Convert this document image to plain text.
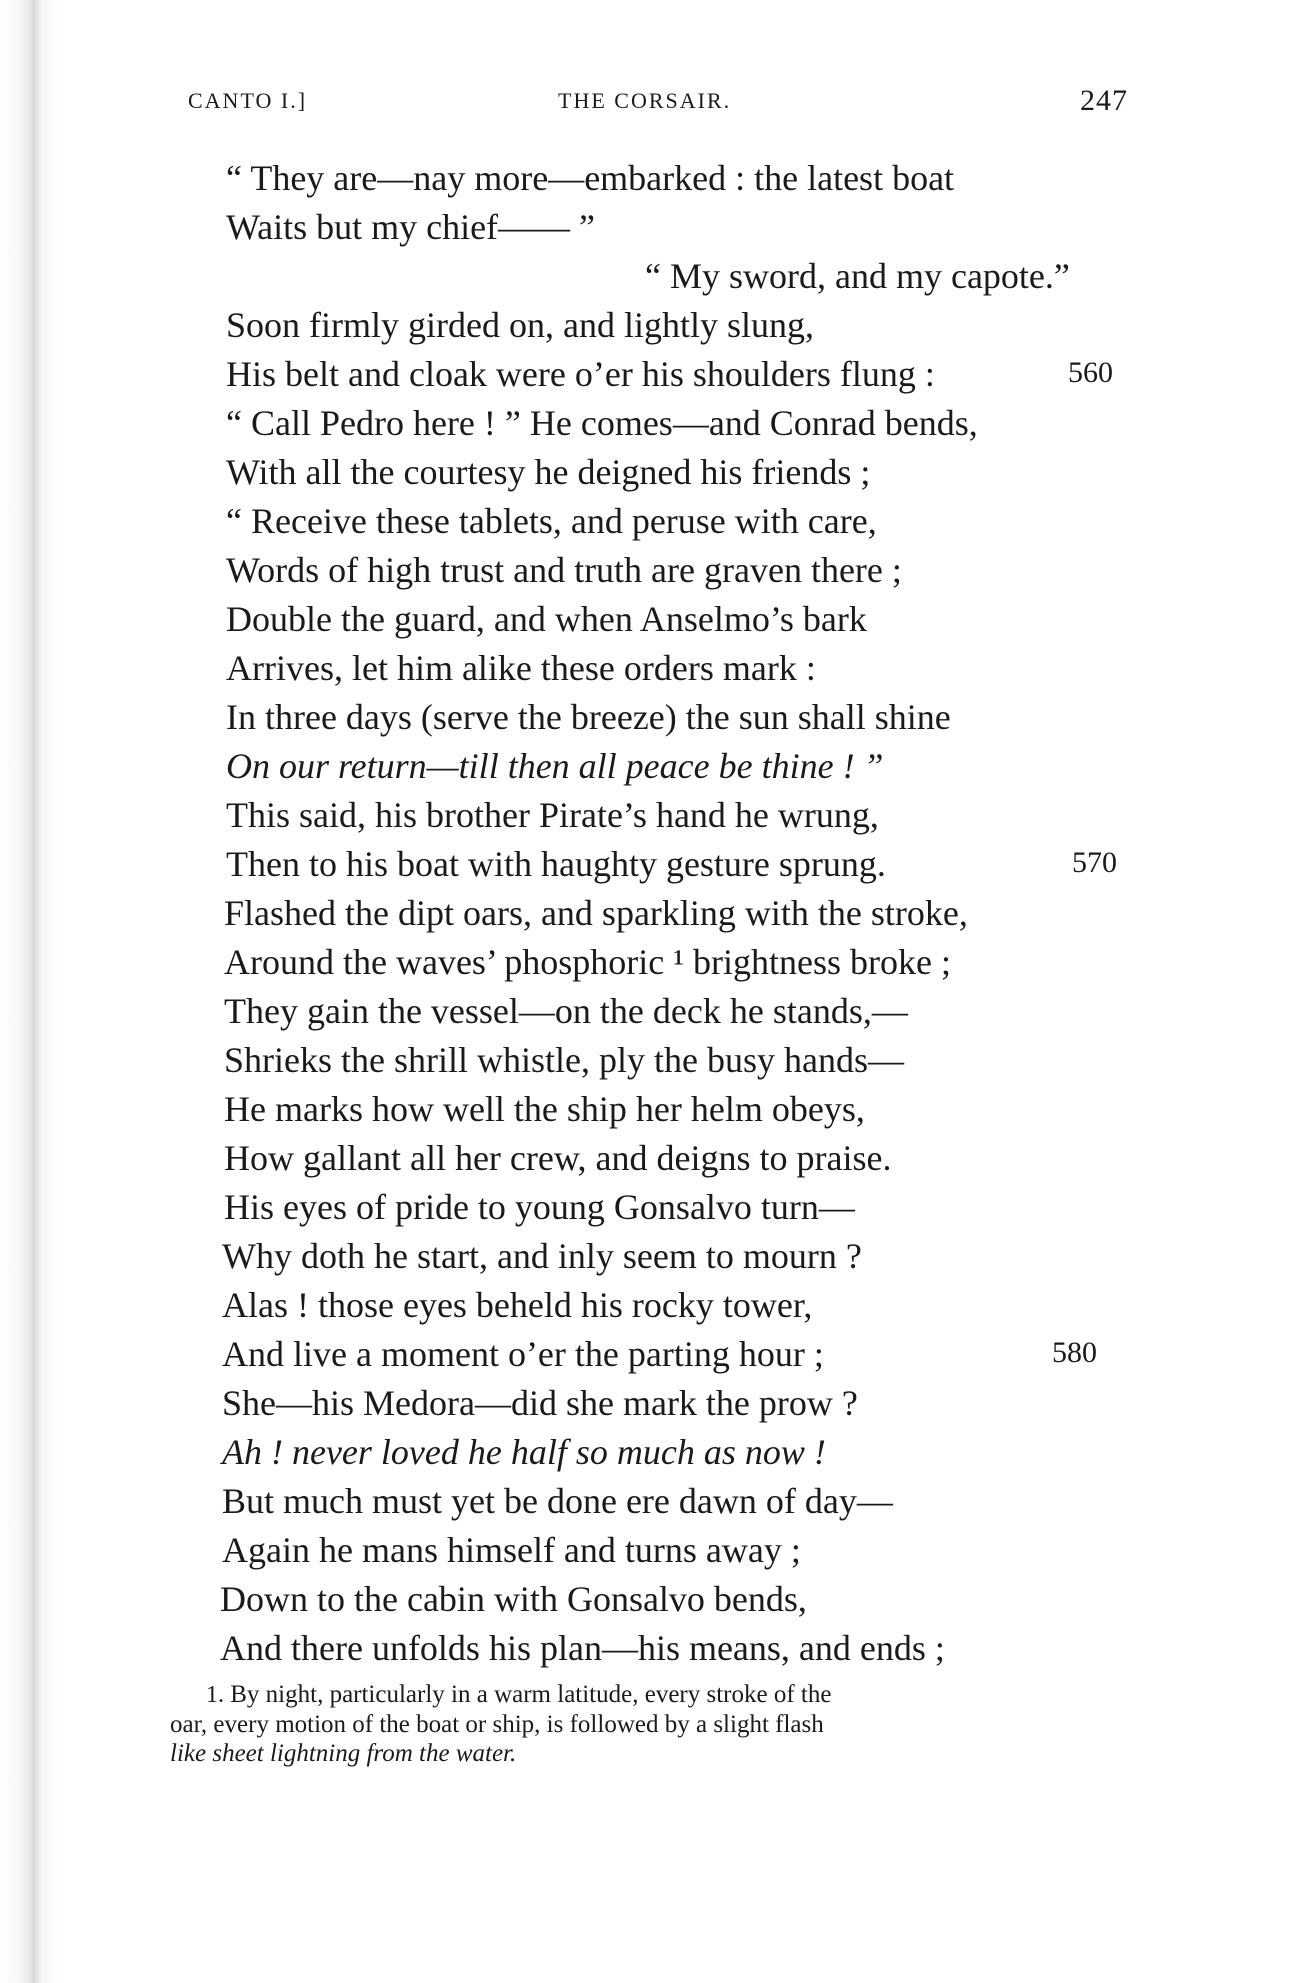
CANTO I.]	THE CORSAIR.	247
“ They are—nay more—embarked : the latest boat
Waits but my chief—— ”
“ My sword, and my capote.”
Soon firmly girded on, and lightly slung,
His belt and cloak were o’er his shoulders flung :
“ Call Pedro here ! ” He comes—and Conrad bends,
With all the courtesy he deigned his friends ;
“ Receive these tablets, and peruse with care,
Words of high trust and truth are graven there ;
Double the guard, and when Anselmo’s bark
Arrives, let him alike these orders mark :
In three days (serve the breeze) the sun shall shine
On our return—till then all peace be thine ! ”
This said, his brother Pirate’s hand he wrung,
Then to his boat with haughty gesture sprung.
Flashed the dipt oars, and sparkling with the stroke,
Around the waves’ phosphoric ¹ brightness broke ;
They gain the vessel—on the deck he stands,—
Shrieks the shrill whistle, ply the busy hands—
He marks how well the ship her helm obeys,
How gallant all her crew, and deigns to praise.
His eyes of pride to young Gonsalvo turn—
Why doth he start, and inly seem to mourn ?
Alas ! those eyes beheld his rocky tower,
And live a moment o’er the parting hour ;
She—his Medora—did she mark the prow ?
Ah ! never loved he half so much as now !
But much must yet be done ere dawn of day—
Again he mans himself and turns away ;
Down to the cabin with Gonsalvo bends,
And there unfolds his plan—his means, and ends ;
560
570
580
1. By night, particularly in a warm latitude, every stroke of the
oar, every motion of the boat or ship, is followed by a slight flash
like sheet lightning from the water.
